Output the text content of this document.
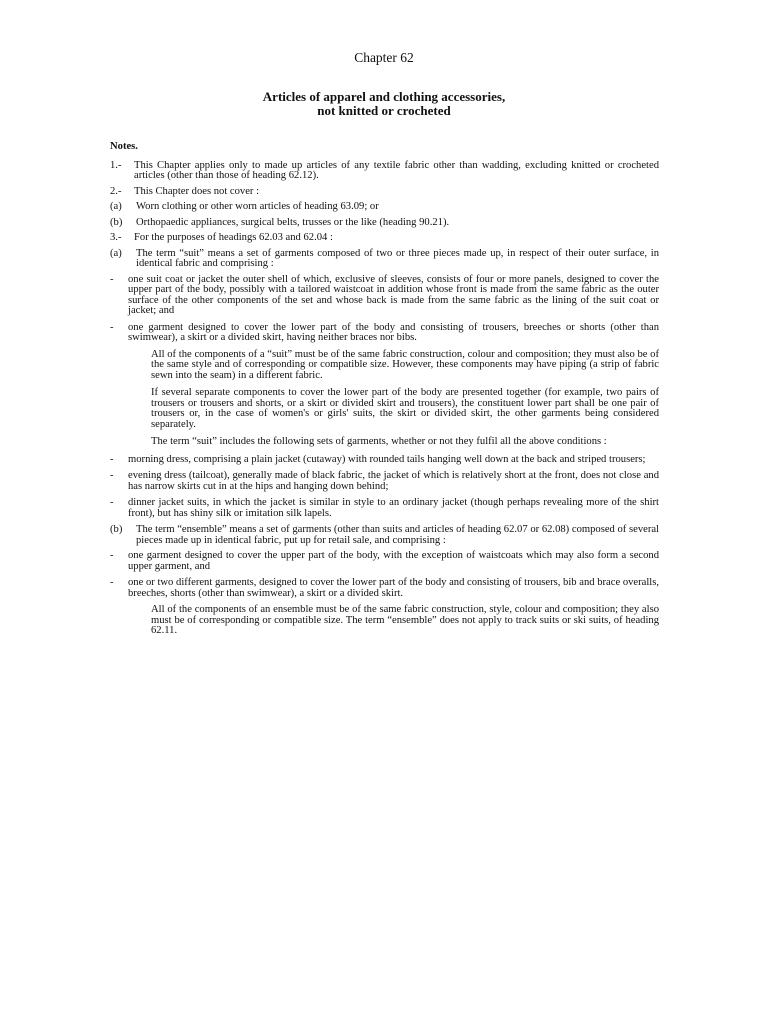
Chapter 62
Articles of apparel and clothing accessories,
not knitted or crocheted

Notes.

1.- This Chapter applies only to made up articles of any textile fabric other than wadding, excluding knitted or crocheted articles (other than those of heading 62.12).

2.- This Chapter does not cover :

(a) Worn clothing or other worn articles of heading 63.09; or

(b) Orthopaedic appliances, surgical belts, trusses or the like (heading 90.21).

3.- For the purposes of headings 62.03 and 62.04 :

(a) The term “suit” means a set of garments composed of two or three pieces made up, in respect of their outer surface, in identical fabric and comprising :

- one suit coat or jacket the outer shell of which, exclusive of sleeves, consists of four or more panels, designed to cover the upper part of the body, possibly with a tailored waistcoat in addition whose front is made from the same fabric as the outer surface of the other components of the set and whose back is made from the same fabric as the lining of the suit coat or jacket; and

- one garment designed to cover the lower part of the body and consisting of trousers, breeches or shorts (other than swimwear), a skirt or a divided skirt, having neither braces nor bibs.

All of the components of a “suit” must be of the same fabric construction, colour and composition; they must also be of the same style and of corresponding or compatible size. However, these components may have piping (a strip of fabric sewn into the seam) in a different fabric.

If several separate components to cover the lower part of the body are presented together (for example, two pairs of trousers or trousers and shorts, or a skirt or divided skirt and trousers), the constituent lower part shall be one pair of trousers or, in the case of women's or girls' suits, the skirt or divided skirt, the other garments being considered separately.

The term “suit” includes the following sets of garments, whether or not they fulfil all the above conditions :

- morning dress, comprising a plain jacket (cutaway) with rounded tails hanging well down at the back and striped trousers;

- evening dress (tailcoat), generally made of black fabric, the jacket of which is relatively short at the front, does not close and has narrow skirts cut in at the hips and hanging down behind;

- dinner jacket suits, in which the jacket is similar in style to an ordinary jacket (though perhaps revealing more of the shirt front), but has shiny silk or imitation silk lapels.

(b) The term “ensemble” means a set of garments (other than suits and articles of heading 62.07 or 62.08) composed of several pieces made up in identical fabric, put up for retail sale, and comprising :

- one garment designed to cover the upper part of the body, with the exception of waistcoats which may also form a second upper garment, and

- one or two different garments, designed to cover the lower part of the body and consisting of trousers, bib and brace overalls, breeches, shorts (other than swimwear), a skirt or a divided skirt.

All of the components of an ensemble must be of the same fabric construction, style, colour and composition; they also must be of corresponding or compatible size. The term “ensemble” does not apply to track suits or ski suits, of heading 62.11.
